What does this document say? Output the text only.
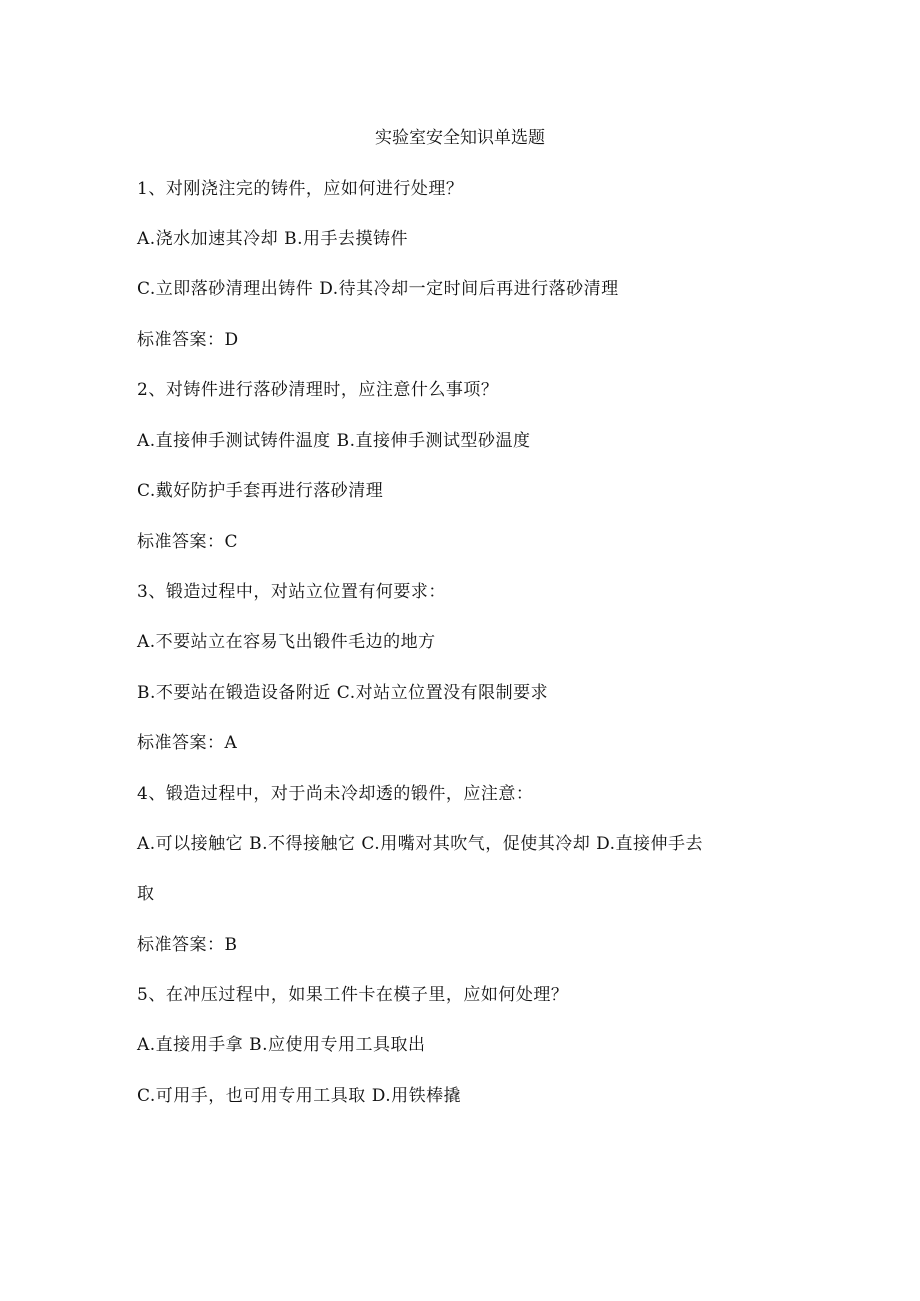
实验室安全知识单选题
1、对刚浇注完的铸件，应如何进行处理？
A.浇水加速其冷却 B.用手去摸铸件
C.立即落砂清理出铸件 D.待其冷却一定时间后再进行落砂清理
标准答案：D
2、对铸件进行落砂清理时，应注意什么事项？
A.直接伸手测试铸件温度 B.直接伸手测试型砂温度
C.戴好防护手套再进行落砂清理
标准答案：C
3、锻造过程中，对站立位置有何要求：
A.不要站立在容易飞出锻件毛边的地方
B.不要站在锻造设备附近 C.对站立位置没有限制要求
标准答案：A
4、锻造过程中，对于尚未冷却透的锻件，应注意：
A.可以接触它 B.不得接触它 C.用嘴对其吹气，促使其冷却 D.直接伸手去
取
标准答案：B
5、在冲压过程中，如果工件卡在模子里，应如何处理？
A.直接用手拿 B.应使用专用工具取出
C.可用手，也可用专用工具取 D.用铁棒撬
